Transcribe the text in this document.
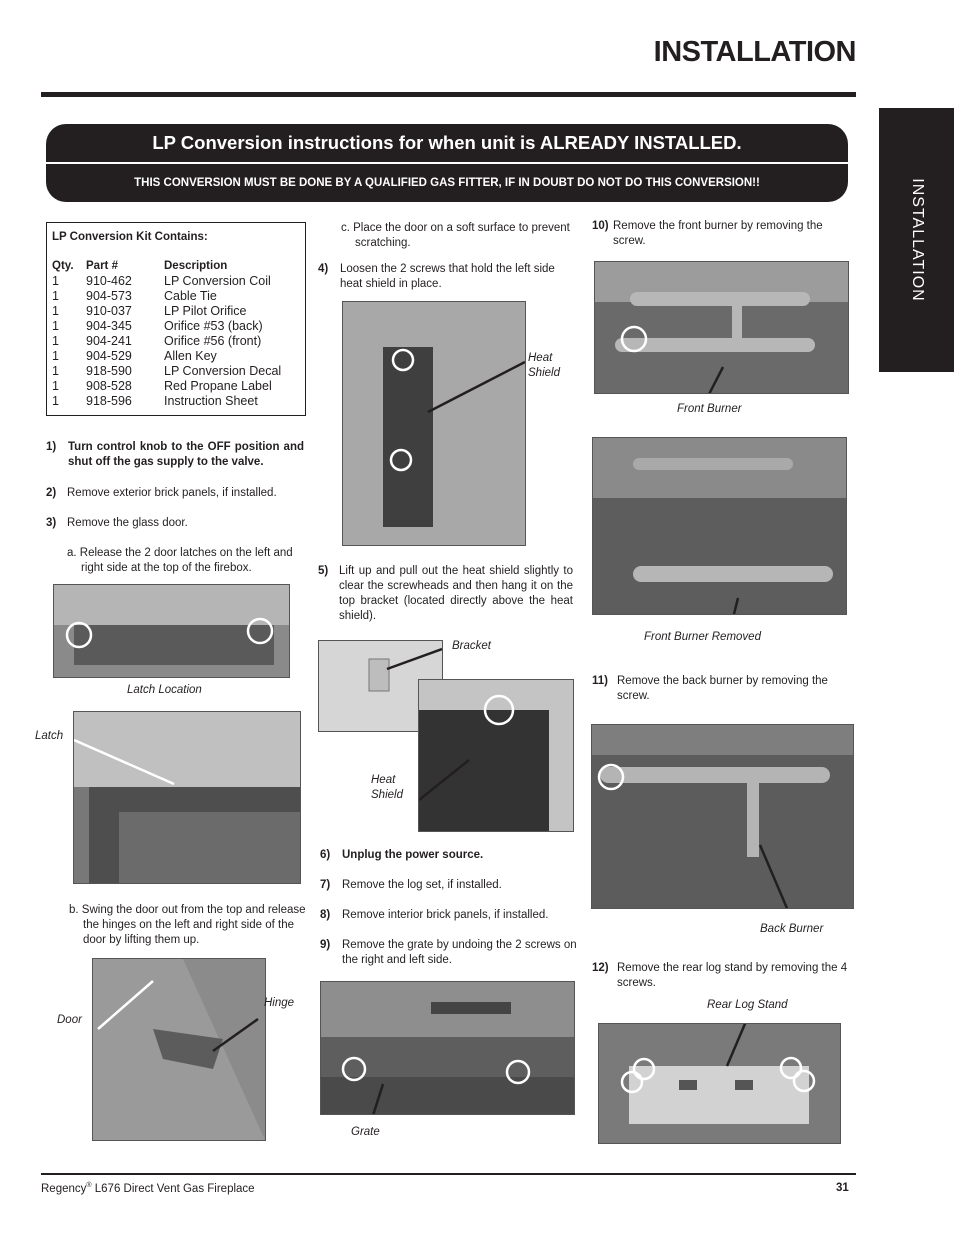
INSTALLATION
INSTALLATION
LP Conversion instructions for when unit is ALREADY INSTALLED.
THIS CONVERSION MUST BE DONE BY A QUALIFIED GAS FITTER, IF IN DOUBT DO NOT DO THIS CONVERSION!!
LP Conversion Kit Contains:
Qty.	Part #	Description
1	910-462	LP Conversion Coil
1	904-573	Cable Tie
1	910-037	LP Pilot Orifice
1	904-345	Orifice #53 (back)
1	904-241	Orifice #56 (front)
1	904-529	Allen Key
1	918-590	LP Conversion Decal
1	908-528	Red Propane Label
1	918-596	Instruction Sheet
1) Turn control knob to the OFF position and shut off the gas supply to the valve.
2) Remove exterior brick panels, if installed.
3) Remove the glass door.
a. Release the 2 door latches on the left and right side at the top of the firebox.
Latch Location
Latch
b. Swing the door out from the top and release the hinges on the left and right side of the door by lifting them up.
Door
Hinge
c. Place the door on a soft surface to prevent scratching.
4) Loosen the 2 screws that hold the left side heat shield in place.
Heat Shield
5) Lift up and pull out the heat shield slightly to clear the screwheads and then hang it on the top bracket (located directly above the heat shield).
Bracket
Heat Shield
6) Unplug the power source.
7) Remove the log set, if installed.
8) Remove interior brick panels, if installed.
9) Remove the grate by undoing the 2 screws on the right and left side.
Grate
10) Remove the front burner by removing the screw.
Front Burner
Front Burner Removed
11) Remove the back burner by removing the screw.
Back Burner
12) Remove the rear log stand by removing the 4 screws.
Rear Log Stand
Regency® L676 Direct Vent Gas Fireplace	31
